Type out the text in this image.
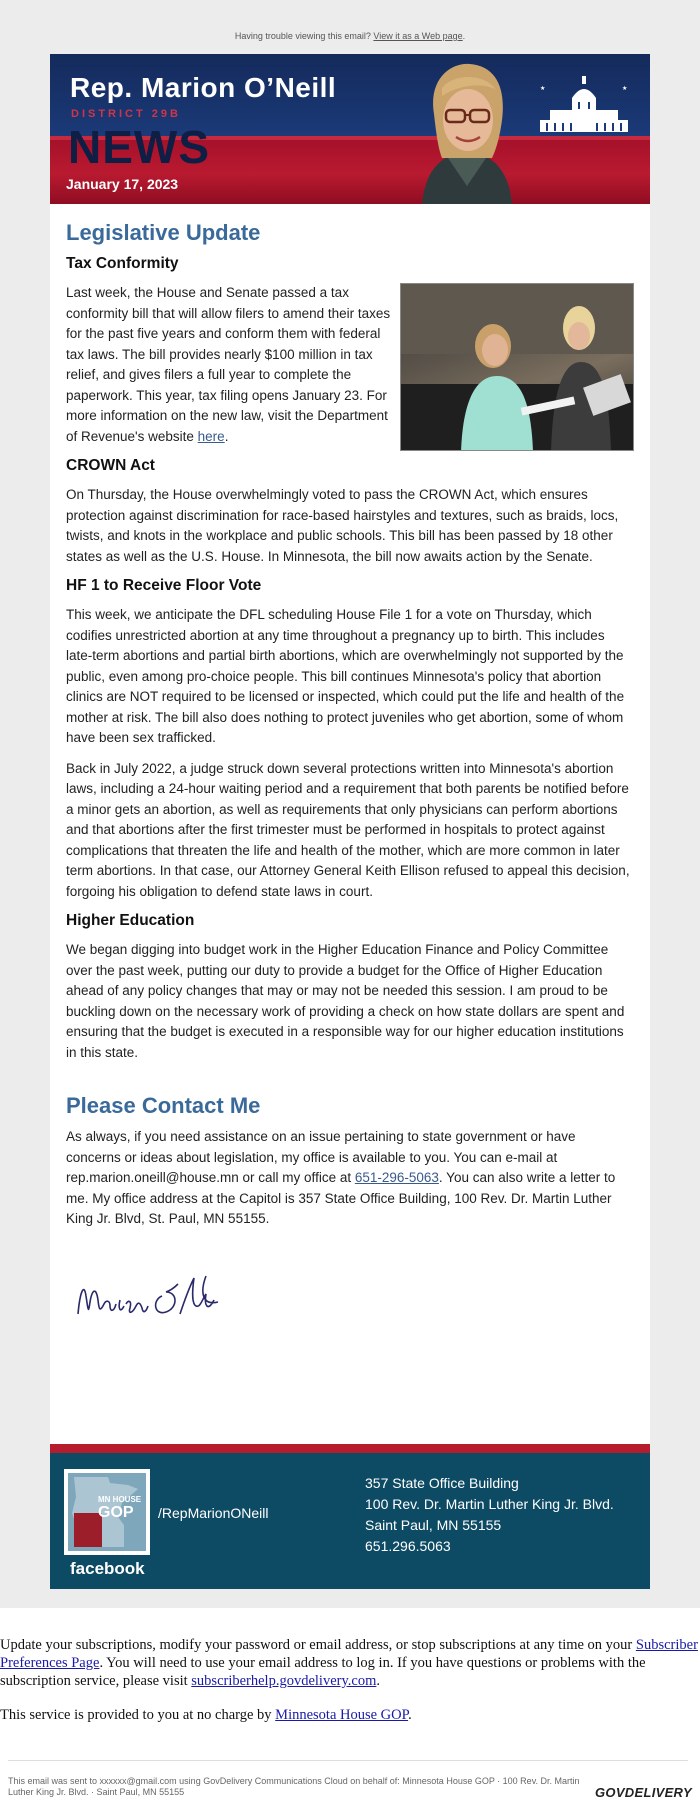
Having trouble viewing this email? View it as a Web page.
Rep. Marion O’Neill
DISTRICT 29B
NEWS
January 17, 2023
★	★
Legislative Update
Tax Conformity

Last week, the House and Senate passed a tax conformity bill that will allow filers to amend their taxes for the past five years and conform them with federal tax laws. The bill provides nearly $100 million in tax relief, and gives filers a full year to complete the paperwork. This year, tax filing opens January 23. For more information on the new law, visit the Department of Revenue's website here.

CROWN Act

On Thursday, the House overwhelmingly voted to pass the CROWN Act, which ensures protection against discrimination for race-based hairstyles and textures, such as braids, locs, twists, and knots in the workplace and public schools. This bill has been passed by 18 other states as well as the U.S. House. In Minnesota, the bill now awaits action by the Senate.

HF 1 to Receive Floor Vote

This week, we anticipate the DFL scheduling House File 1 for a vote on Thursday, which codifies unrestricted abortion at any time throughout a pregnancy up to birth. This includes late-term abortions and partial birth abortions, which are overwhelmingly not supported by the public, even among pro-choice people. This bill continues Minnesota's policy that abortion clinics are NOT required to be licensed or inspected, which could put the life and health of the mother at risk. The bill also does nothing to protect juveniles who get abortion, some of whom have been sex trafficked.

Back in July 2022, a judge struck down several protections written into Minnesota's abortion laws, including a 24-hour waiting period and a requirement that both parents be notified before a minor gets an abortion, as well as requirements that only physicians can perform abortions and that abortions after the first trimester must be performed in hospitals to protect against complications that threaten the life and health of the mother, which are more common in later term abortions. In that case, our Attorney General Keith Ellison refused to appeal this decision, forgoing his obligation to defend state laws in court.

Higher Education

We began digging into budget work in the Higher Education Finance and Policy Committee over the past week, putting our duty to provide a budget for the Office of Higher Education ahead of any policy changes that may or may not be needed this session. I am proud to be buckling down on the necessary work of providing a check on how state dollars are spent and ensuring that the budget is executed in a responsible way for our higher education institutions in this state.

Please Contact Me

As always, if you need assistance on an issue pertaining to state government or have concerns or ideas about legislation, my office is available to you. You can e-mail at rep.marion.oneill@house.mn or call my office at 651-296-5063. You can also write a letter to me. My office address at the Capitol is 357 State Office Building, 100 Rev. Dr. Martin Luther King Jr. Blvd, St. Paul, MN 55155.

MN HOUSE
GOP
facebook
/RepMarionONeill
357 State Office Building
100 Rev. Dr. Martin Luther King Jr. Blvd.
Saint Paul, MN 55155
651.296.5063

Update your subscriptions, modify your password or email address, or stop subscriptions at any time on your Subscriber Preferences Page. You will need to use your email address to log in. If you have questions or problems with the subscription service, please visit subscriberhelp.govdelivery.com.

This service is provided to you at no charge by Minnesota House GOP.

This email was sent to xxxxxx@gmail.com using GovDelivery Communications Cloud on behalf of: Minnesota House GOP · 100 Rev. Dr. Martin Luther King Jr. Blvd. · Saint Paul, MN 55155	GOVDELIVERY
